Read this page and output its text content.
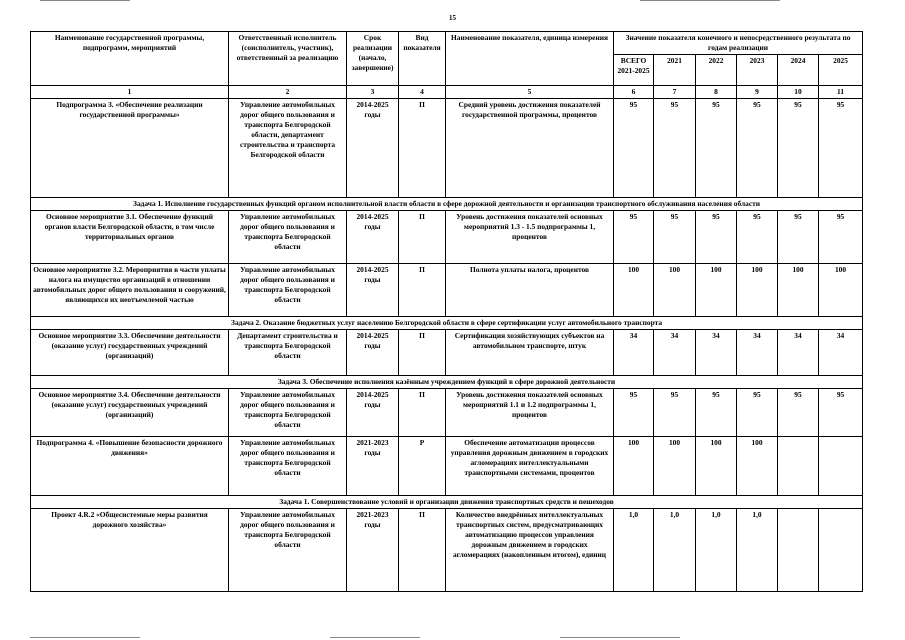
15
Наименование государственной программы, подпрограмм, мероприятий	Ответственный исполнитель (соисполнитель, участник), ответственный за реализацию	Срок реализации (начало, завершение)	Вид показателя	Наименование показателя, единица измерения	Значение показателя конечного и непосредственного результата по годам реализации					
					ВСЕГО 2021-2025	2021	2022	2023	2024	2025
1	2	3	4	5	6	7	8	9	10	11
Подпрограмма 3. «Обеспечение реализации государственной программы»	Управление автомобильных дорог общего пользования и транспорта Белгородской области, департамент строительства и транспорта Белгородской области	2014-2025 годы	П	Средний уровень достижения показателей государственной программы, процентов	95	95	95	95	95	95
Задача 1. Исполнение государственных функций органом исполнительной власти области в сфере дорожной деятельности и организации транспортного обслуживания населения области										
Основное мероприятие 3.1. Обеспечение функций органов власти Белгородской области, в том числе территориальных органов	Управление автомобильных дорог общего пользования и транспорта Белгородской области	2014-2025 годы	П	Уровень достижения показателей основных мероприятий 1.3 - 1.5 подпрограммы 1, процентов	95	95	95	95	95	95
Основное мероприятие 3.2. Мероприятия в части уплаты налога на имущество организаций в отношении автомобильных дорог общего пользования и сооружений, являющихся их неотъемлемой частью	Управление автомобильных дорог общего пользования и транспорта Белгородской области	2014-2025 годы	П	Полнота уплаты налога, процентов	100	100	100	100	100	100
Задача 2. Оказание бюджетных услуг населению Белгородской области в сфере сертификации услуг автомобильного транспорта										
Основное мероприятие 3.3. Обеспечение деятельности (оказание услуг) государственных учреждений (организаций)	Департамент строительства и транспорта Белгородской области	2014-2025 годы	П	Сертификация хозяйствующих субъектов на автомобильном транспорте, штук	34	34	34	34	34	34
Задача 3. Обеспечение исполнения казённым учреждением функций в сфере дорожной деятельности										
Основное мероприятие 3.4. Обеспечение деятельности (оказание услуг) государственных учреждений (организаций)	Управление автомобильных дорог общего пользования и транспорта Белгородской области	2014-2025 годы	П	Уровень достижения показателей основных мероприятий 1.1 и 1.2 подпрограммы 1, процентов	95	95	95	95	95	95
Подпрограмма 4. «Повышение безопасности дорожного движения»	Управление автомобильных дорог общего пользования и транспорта Белгородской области	2021-2023 годы	Р	Обеспечение автоматизации процессов управления дорожным движением в городских агломерациях интеллектуальными транспортными системами, процентов	100	100	100	100		
Задача 1. Совершенствование условий и организации движения транспортных средств и пешеходов										
Проект 4.R.2 «Общесистемные меры развития дорожного хозяйства»	Управление автомобильных дорог общего пользования и транспорта Белгородской области	2021-2023 годы	П	Количество внедрённых интеллектуальных транспортных систем, предусматривающих автоматизацию процессов управления дорожным движением в городских агломерациях (накопленным итогом), единиц	1,0	1,0	1,0	1,0		
